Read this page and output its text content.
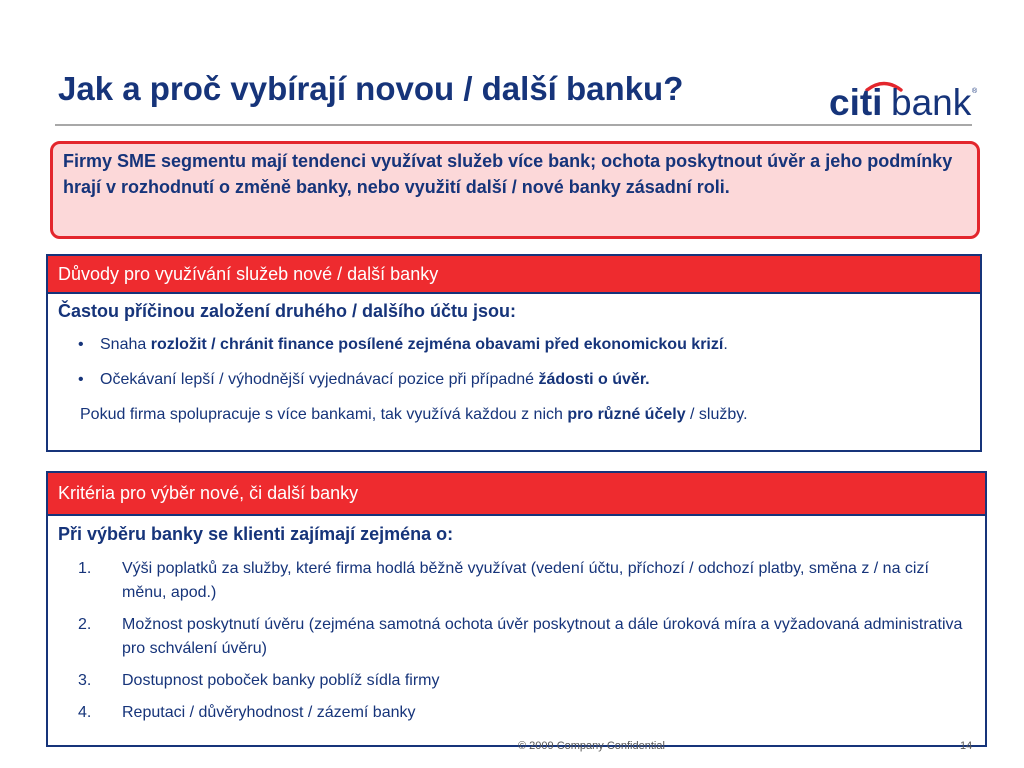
Jak a proč vybírají novou / další banku?	citi bank ®

Firmy SME segmentu mají tendenci využívat služeb více bank; ochota poskytnout úvěr a jeho podmínky hrají v rozhodnutí o změně banky, nebo využití další / nové banky zásadní roli.

Důvody pro využívání služeb nové / další banky

Častou příčinou založení druhého / dalšího účtu jsou:

• Snaha rozložit / chránit finance posílené zejména obavami před ekonomickou krizí.
• Očekávaní lepší / výhodnější vyjednávací pozice při případné žádosti o úvěr.

Pokud firma spolupracuje s více bankami, tak využívá každou z nich pro různé účely / služby.

Kritéria pro výběr nové, či další banky

Při výběru banky se klienti zajímají zejména o:

1. Výši poplatků za služby, které firma hodlá běžně využívat (vedení účtu, příchozí / odchozí platby, směna z / na cizí měnu, apod.)
2. Možnost poskytnutí úvěru (zejména samotná ochota úvěr poskytnout a dále úroková míra a vyžadovaná administrativa pro schválení úvěru)
3. Dostupnost poboček banky poblíž sídla firmy
4. Reputaci / důvěryhodnost / zázemí banky
© 2009 Company Confidential	14
